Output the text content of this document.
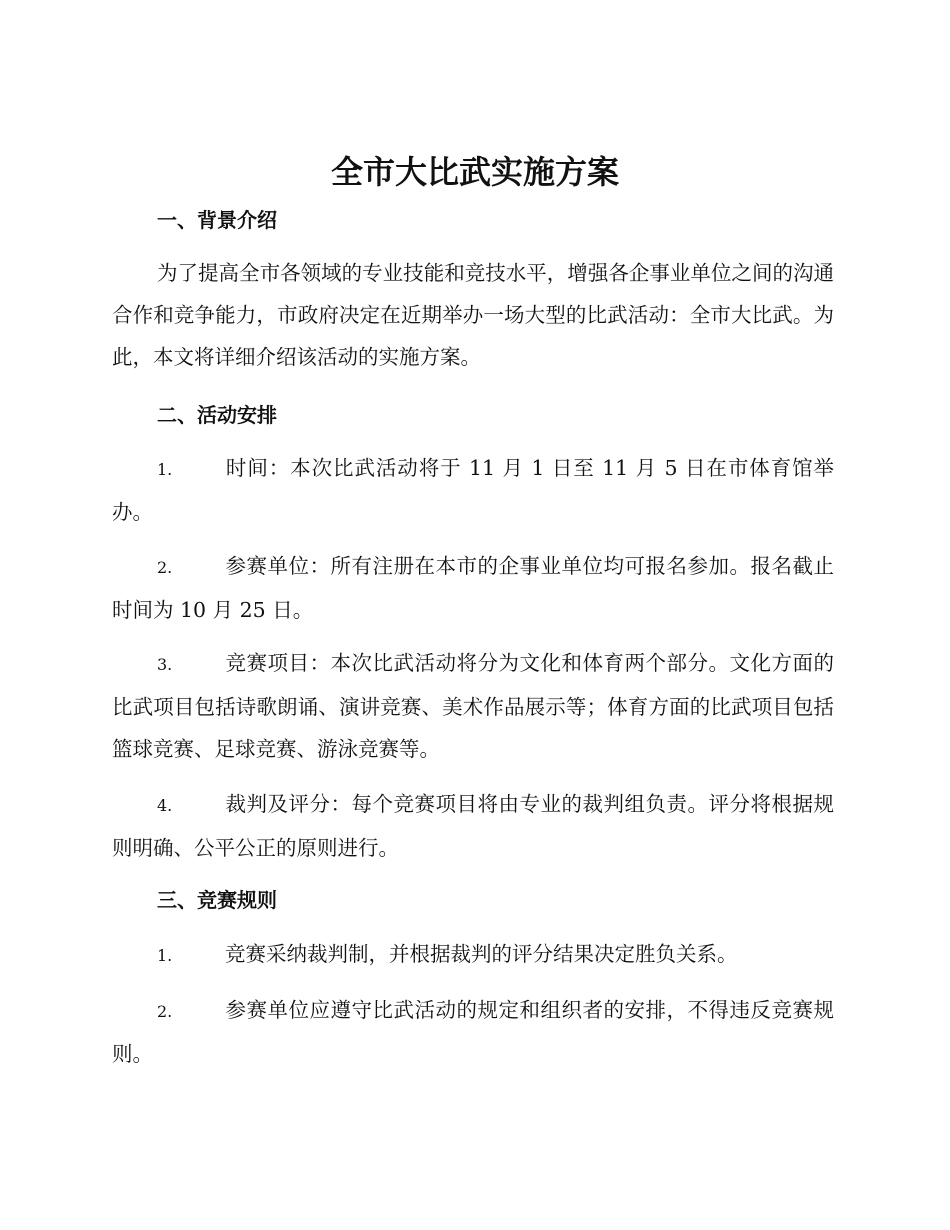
全市大比武实施方案
一、背景介绍
为了提高全市各领域的专业技能和竞技水平，增强各企事业单位之间的沟通合作和竞争能力，市政府决定在近期举办一场大型的比武活动：全市大比武。为此，本文将详细介绍该活动的实施方案。
二、活动安排
1.	时间：本次比武活动将于 11 月 1 日至 11 月 5 日在市体育馆举办。
2.	参赛单位：所有注册在本市的企事业单位均可报名参加。报名截止时间为 10 月 25 日。
3.	竞赛项目：本次比武活动将分为文化和体育两个部分。文化方面的比武项目包括诗歌朗诵、演讲竞赛、美术作品展示等；体育方面的比武项目包括篮球竞赛、足球竞赛、游泳竞赛等。
4.	裁判及评分：每个竞赛项目将由专业的裁判组负责。评分将根据规则明确、公平公正的原则进行。
三、竞赛规则
1.	竞赛采纳裁判制，并根据裁判的评分结果决定胜负关系。
2.	参赛单位应遵守比武活动的规定和组织者的安排，不得违反竞赛规则。
